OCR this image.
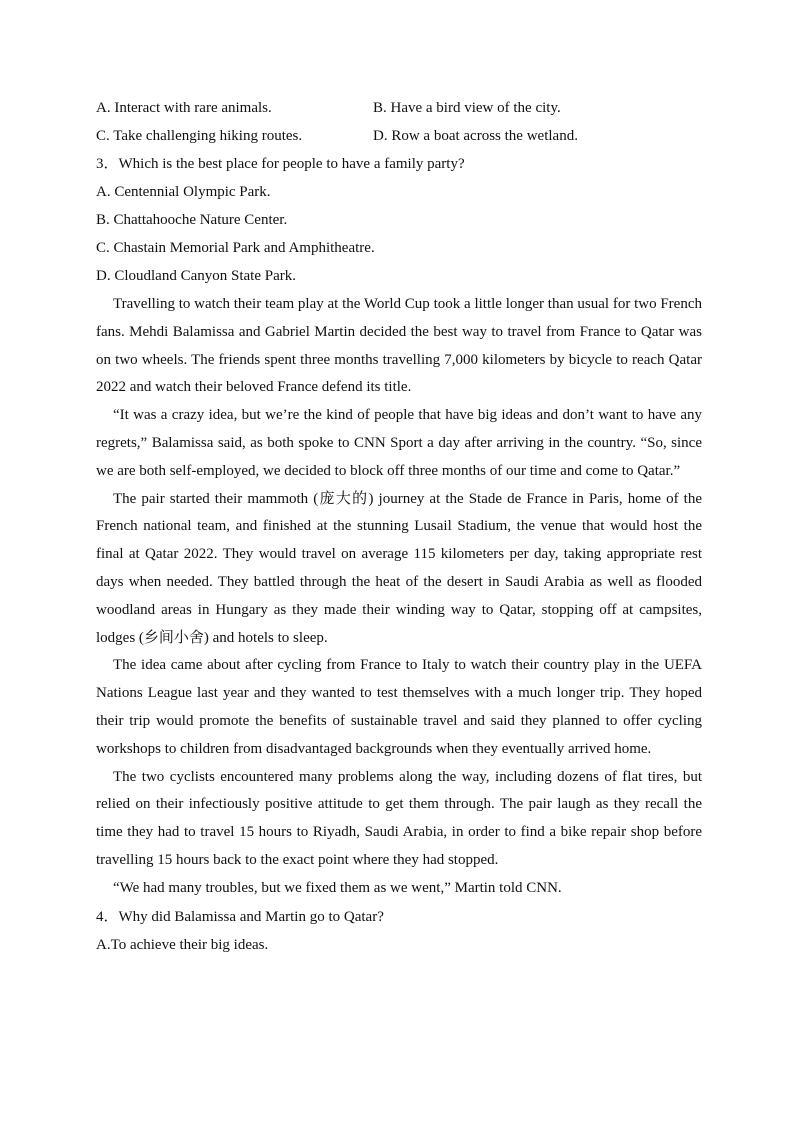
A. Interact with rare animals.	B. Have a bird view of the city.
C. Take challenging hiking routes.	D. Row a boat across the wetland.
3．Which is the best place for people to have a family party?
A. Centennial Olympic Park.
B. Chattahooche Nature Center.
C. Chastain Memorial Park and Amphitheatre.
D. Cloudland Canyon State Park.

Travelling to watch their team play at the World Cup took a little longer than usual for two French fans. Mehdi Balamissa and Gabriel Martin decided the best way to travel from France to Qatar was on two wheels. The friends spent three months travelling 7,000 kilometers by bicycle to reach Qatar 2022 and watch their beloved France defend its title.

“It was a crazy idea, but we’re the kind of people that have big ideas and don’t want to have any regrets,” Balamissa said, as both spoke to CNN Sport a day after arriving in the country. “So, since we are both self-employed, we decided to block off three months of our time and come to Qatar.”

The pair started their mammoth (庞大的) journey at the Stade de France in Paris, home of the French national team, and finished at the stunning Lusail Stadium, the venue that would host the final at Qatar 2022. They would travel on average 115 kilometers per day, taking appropriate rest days when needed. They battled through the heat of the desert in Saudi Arabia as well as flooded woodland areas in Hungary as they made their winding way to Qatar, stopping off at campsites, lodges (乡间小舍) and hotels to sleep.

The idea came about after cycling from France to Italy to watch their country play in the UEFA Nations League last year and they wanted to test themselves with a much longer trip. They hoped their trip would promote the benefits of sustainable travel and said they planned to offer cycling workshops to children from disadvantaged backgrounds when they eventually arrived home.

The two cyclists encountered many problems along the way, including dozens of flat tires, but relied on their infectiously positive attitude to get them through. The pair laugh as they recall the time they had to travel 15 hours to Riyadh, Saudi Arabia, in order to find a bike repair shop before travelling 15 hours back to the exact point where they had stopped.

“We had many troubles, but we fixed them as we went,” Martin told CNN.

4．Why did Balamissa and Martin go to Qatar?
A.To achieve their big ideas.
